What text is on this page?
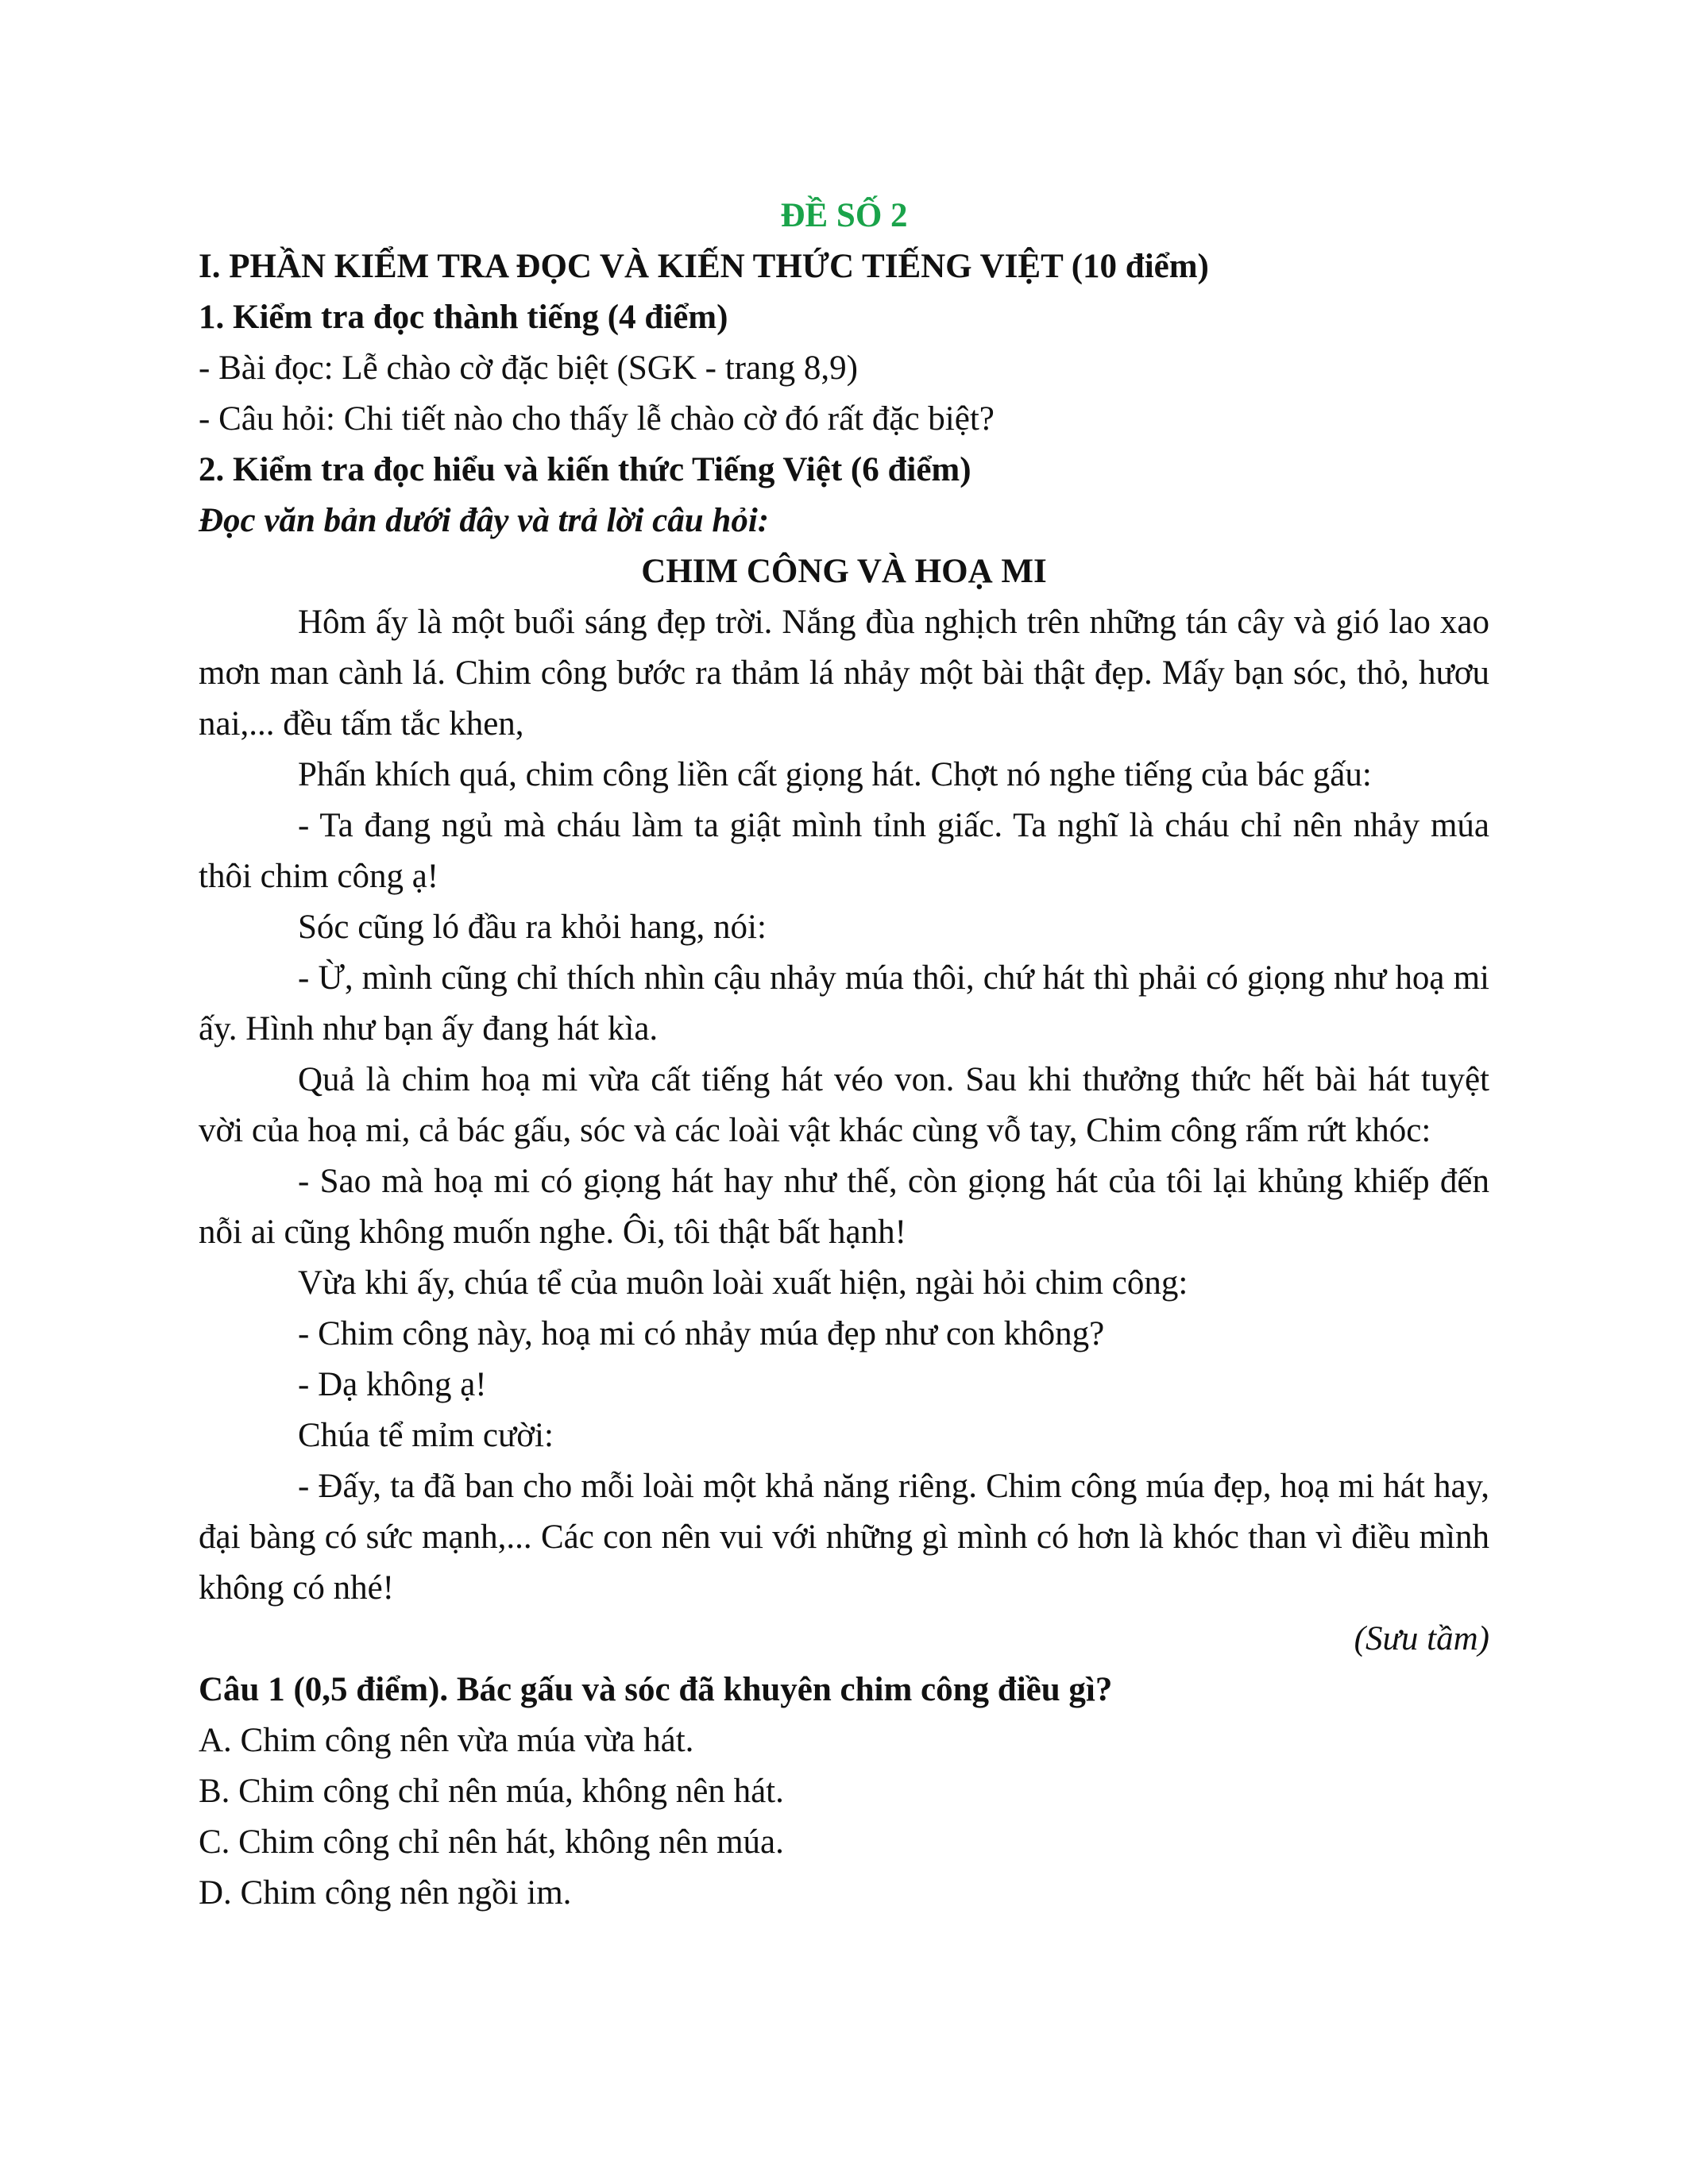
ĐỀ SỐ 2

I. PHẦN KIỂM TRA ĐỌC VÀ KIẾN THỨC TIẾNG VIỆT (10 điểm)

1. Kiểm tra đọc thành tiếng (4 điểm)

- Bài đọc: Lễ chào cờ đặc biệt (SGK - trang 8,9)

- Câu hỏi: Chi tiết nào cho thấy lễ chào cờ đó rất đặc biệt?

2. Kiểm tra đọc hiểu và kiến thức Tiếng Việt (6 điểm)

Đọc văn bản dưới đây và trả lời câu hỏi:

CHIM CÔNG VÀ HOẠ MI

Hôm ấy là một buổi sáng đẹp trời. Nắng đùa nghịch trên những tán cây và gió lao xao mơn man cành lá. Chim công bước ra thảm lá nhảy một bài thật đẹp. Mấy bạn sóc, thỏ, hươu nai,... đều tấm tắc khen,

Phấn khích quá, chim công liền cất giọng hát. Chợt nó nghe tiếng của bác gấu:

- Ta đang ngủ mà cháu làm ta giật mình tỉnh giấc. Ta nghĩ là cháu chỉ nên nhảy múa thôi chim công ạ!

Sóc cũng ló đầu ra khỏi hang, nói:

- Ừ, mình cũng chỉ thích nhìn cậu nhảy múa thôi, chứ hát thì phải có giọng như hoạ mi ấy. Hình như bạn ấy đang hát kìa.

Quả là chim hoạ mi vừa cất tiếng hát véo von. Sau khi thưởng thức hết bài hát tuyệt vời của hoạ mi, cả bác gấu, sóc và các loài vật khác cùng vỗ tay, Chim công rấm rứt khóc:

- Sao mà hoạ mi có giọng hát hay như thế, còn giọng hát của tôi lại khủng khiếp đến nỗi ai cũng không muốn nghe. Ôi, tôi thật bất hạnh!

Vừa khi ấy, chúa tể của muôn loài xuất hiện, ngài hỏi chim công:

- Chim công này, hoạ mi có nhảy múa đẹp như con không?

- Dạ không ạ!

Chúa tể mỉm cười:

- Đấy, ta đã ban cho mỗi loài một khả năng riêng. Chim công múa đẹp, hoạ mi hát hay, đại bàng có sức mạnh,... Các con nên vui với những gì mình có hơn là khóc than vì điều mình không có nhé!

(Sưu tầm)

Câu 1 (0,5 điểm). Bác gấu và sóc đã khuyên chim công điều gì?

A. Chim công nên vừa múa vừa hát.

B. Chim công chỉ nên múa, không nên hát.

C. Chim công chỉ nên hát, không nên múa.

D. Chim công nên ngồi im.
